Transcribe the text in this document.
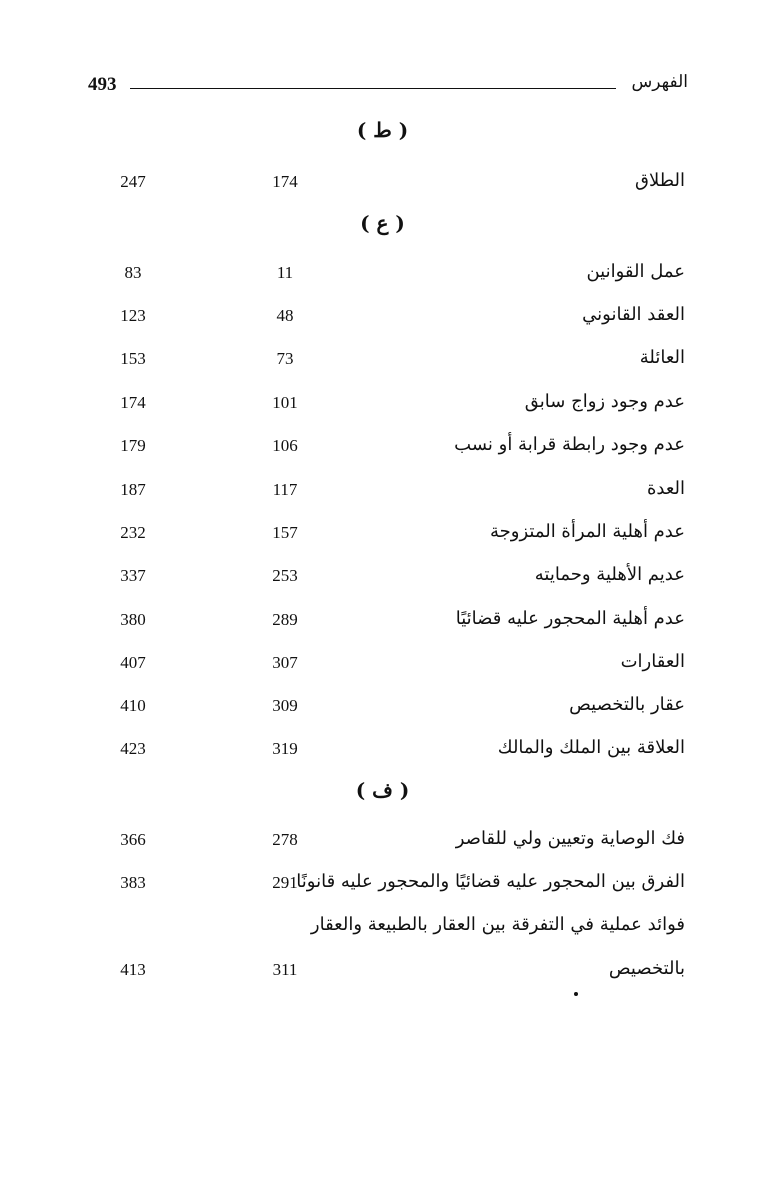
493	الفهرس
( ط )
الطلاق
174
247
( ع )
عمل القوانين
11
83
العقد القانوني
48
123
العائلة
73
153
عدم وجود زواج سابق
101
174
عدم وجود رابطة قرابة أو نسب
106
179
العدة
117
187
عدم أهلية المرأة المتزوجة
157
232
عديم الأهلية وحمايته
253
337
عدم أهلية المحجور عليه قضائيًا
289
380
العقارات
307
407
عقار بالتخصيص
309
410
العلاقة بين الملك والمالك
319
423
( ف )
فك الوصاية وتعيين ولي للقاصر
278
366
الفرق بين المحجور عليه قضائيًا والمحجور عليه قانونًا
291
383
فوائد عملية في التفرقة بين العقار بالطبيعة والعقار
بالتخصيص
311
413
